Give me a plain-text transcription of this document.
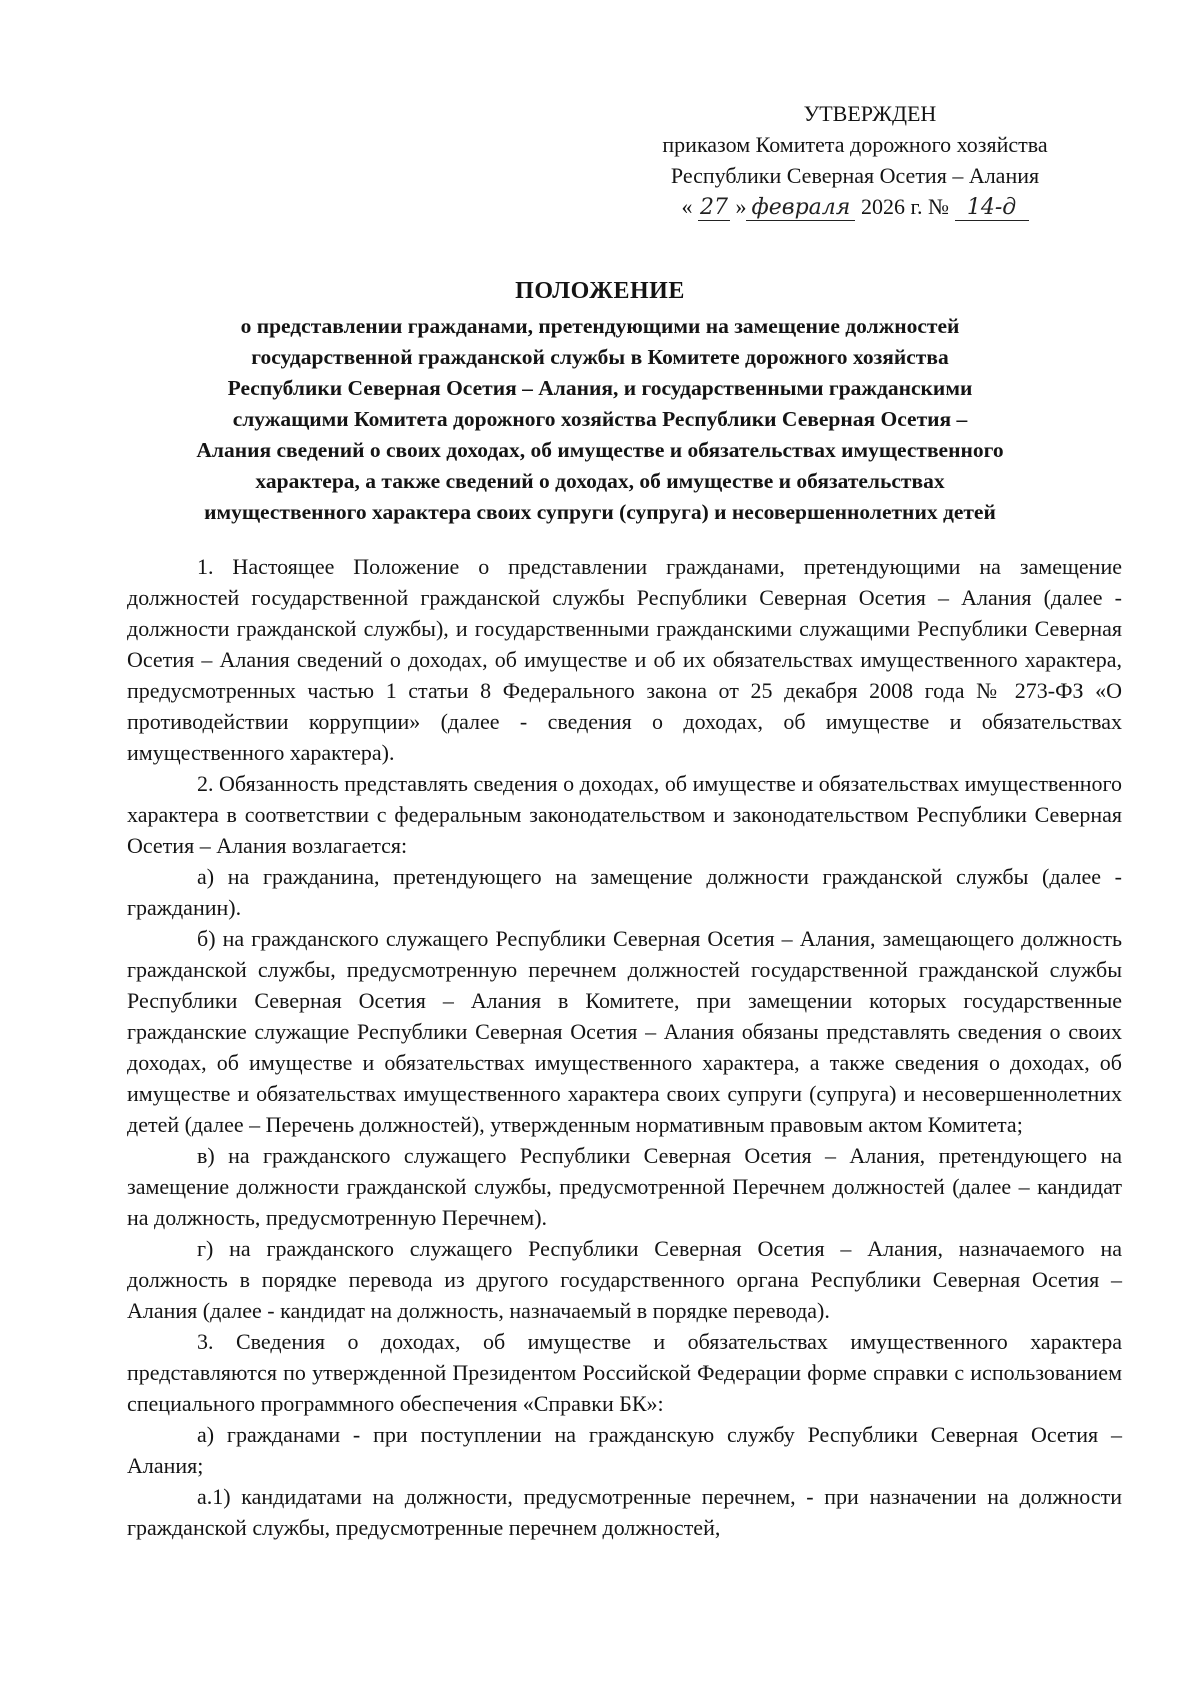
УТВЕРЖДЕН
приказом Комитета дорожного хозяйства
Республики Северная Осетия – Алания
« 27 » февраля 2026 г. № 14-д
ПОЛОЖЕНИЕ
о представлении гражданами, претендующими на замещение должностей
государственной гражданской службы в Комитете дорожного хозяйства
Республики Северная Осетия – Алания, и государственными гражданскими
служащими Комитета дорожного хозяйства Республики Северная Осетия –
Алания сведений о своих доходах, об имуществе и обязательствах имущественного
характера, а также сведений о доходах, об имуществе и обязательствах
имущественного характера своих супруги (супруга) и несовершеннолетних детей

1. Настоящее Положение о представлении гражданами, претендующими на замещение должностей государственной гражданской службы Республики Северная Осетия – Алания (далее - должности гражданской службы), и государственными гражданскими служащими Республики Северная Осетия – Алания сведений о доходах, об имуществе и об их обязательствах имущественного характера, предусмотренных частью 1 статьи 8 Федерального закона от 25 декабря 2008 года № 273-ФЗ «О противодействии коррупции» (далее - сведения о доходах, об имуществе и обязательствах имущественного характера).

2. Обязанность представлять сведения о доходах, об имуществе и обязательствах имущественного характера в соответствии с федеральным законодательством и законодательством Республики Северная Осетия – Алания возлагается:

а) на гражданина, претендующего на замещение должности гражданской службы (далее - гражданин).

б) на гражданского служащего Республики Северная Осетия – Алания, замещающего должность гражданской службы, предусмотренную перечнем должностей государственной гражданской службы Республики Северная Осетия – Алания в Комитете, при замещении которых государственные гражданские служащие Республики Северная Осетия – Алания обязаны представлять сведения о своих доходах, об имуществе и обязательствах имущественного характера, а также сведения о доходах, об имуществе и обязательствах имущественного характера своих супруги (супруга) и несовершеннолетних детей (далее – Перечень должностей), утвержденным нормативным правовым актом Комитета;

в) на гражданского служащего Республики Северная Осетия – Алания, претендующего на замещение должности гражданской службы, предусмотренной Перечнем должностей (далее – кандидат на должность, предусмотренную Перечнем).

г) на гражданского служащего Республики Северная Осетия – Алания, назначаемого на должность в порядке перевода из другого государственного органа Республики Северная Осетия – Алания (далее - кандидат на должность, назначаемый в порядке перевода).

3. Сведения о доходах, об имуществе и обязательствах имущественного характера представляются по утвержденной Президентом Российской Федерации форме справки с использованием специального программного обеспечения «Справки БК»:

а) гражданами - при поступлении на гражданскую службу Республики Северная Осетия – Алания;

а.1) кандидатами на должности, предусмотренные перечнем, - при назначении на должности гражданской службы, предусмотренные перечнем должностей,
